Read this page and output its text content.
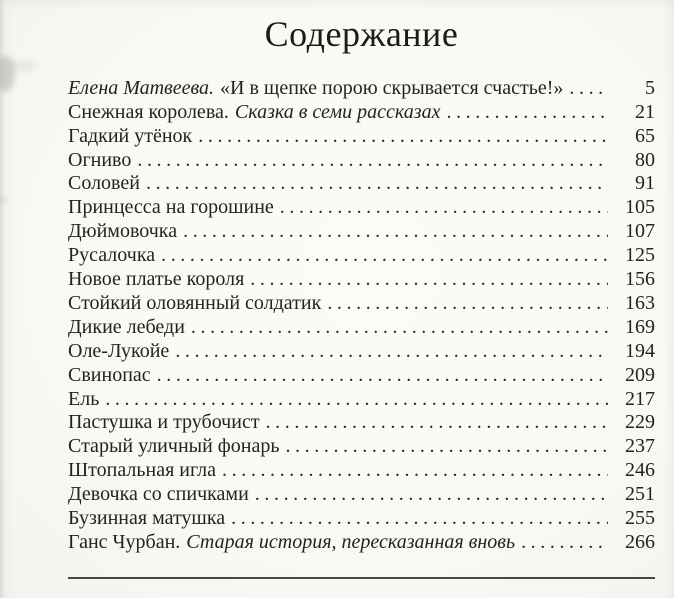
Содержание
Елена Матвеева. «И в щепке порою скрывается счастье!» .....	5
Снежная королева. Сказка в семи рассказах .....	21
Гадкий утёнок .....	65
Огниво .....	80
Соловей .....	91
Принцесса на горошине .....	105
Дюймовочка .....	107
Русалочка .....	125
Новое платье короля .....	156
Стойкий оловянный солдатик .....	163
Дикие лебеди .....	169
Оле-Лукойе .....	194
Свинопас .....	209
Ель .....	217
Пастушка и трубочист .....	229
Старый уличный фонарь .....	237
Штопальная игла .....	246
Девочка со спичками .....	251
Бузинная матушка .....	255
Ганс Чурбан. Старая история, пересказанная вновь .....	266
